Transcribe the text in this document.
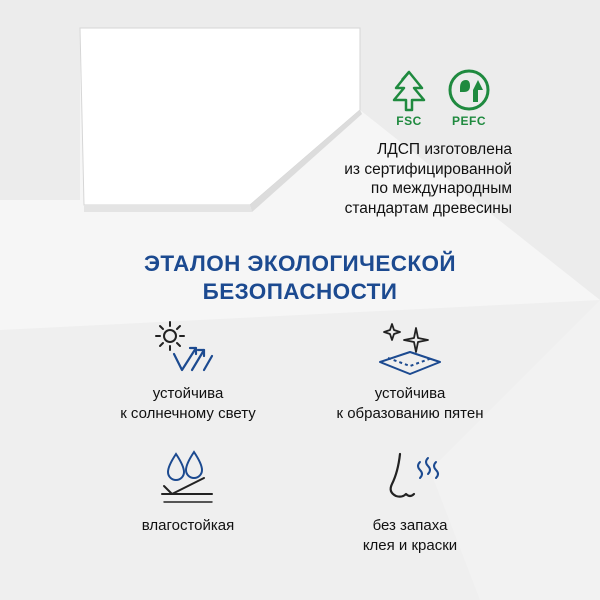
FSC	PEFC
ЛДСП изготовлена
из сертифицированной
по международным
стандартам древесины
ЭТАЛОН ЭКОЛОГИЧЕСКОЙ
БЕЗОПАСНОСТИ
устойчива
к солнечному свету
устойчива
к образованию пятен
влагостойкая	без запаха
клея и краски
